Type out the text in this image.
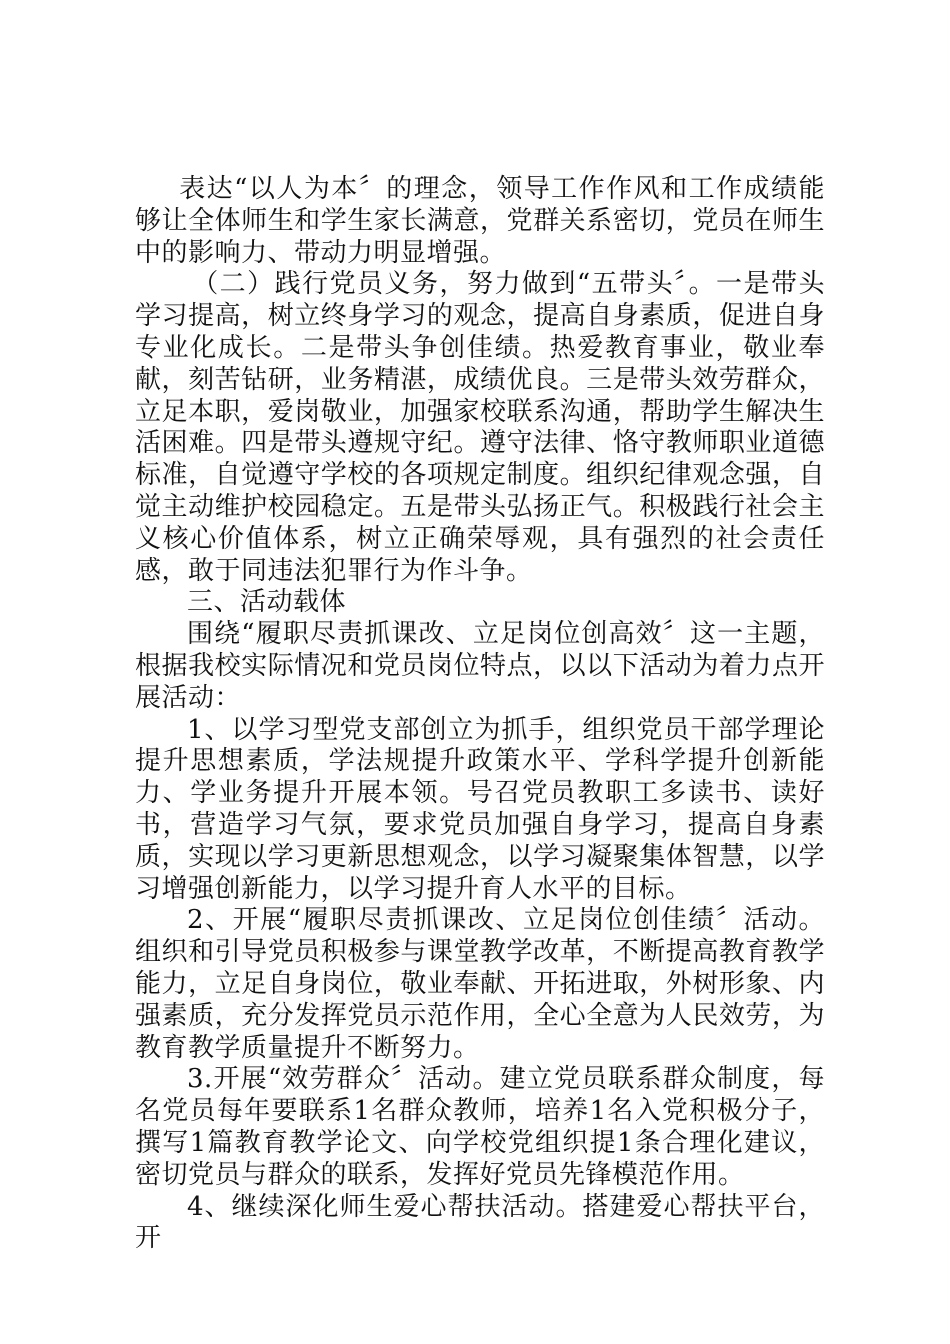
表达“以人为本〞的理念，领导工作作风和工作成绩能够让全体师生和学生家长满意，党群关系密切，党员在师生中的影响力、带动力明显增强。

（二）践行党员义务，努力做到“五带头〞。一是带头学习提高，树立终身学习的观念，提高自身素质，促进自身专业化成长。二是带头争创佳绩。热爱教育事业，敬业奉献，刻苦钻研，业务精湛，成绩优良。三是带头效劳群众，立足本职，爱岗敬业，加强家校联系沟通，帮助学生解决生活困难。四是带头遵规守纪。遵守法律、恪守教师职业道德标准，自觉遵守学校的各项规定制度。组织纪律观念强，自觉主动维护校园稳定。五是带头弘扬正气。积极践行社会主义核心价值体系，树立正确荣辱观，具有强烈的社会责任感，敢于同违法犯罪行为作斗争。

三、活动载体

围绕“履职尽责抓课改、立足岗位创高效〞这一主题，根据我校实际情况和党员岗位特点，以以下活动为着力点开展活动：

1、以学习型党支部创立为抓手，组织党员干部学理论提升思想素质，学法规提升政策水平、学科学提升创新能力、学业务提升开展本领。号召党员教职工多读书、读好书，营造学习气氛，要求党员加强自身学习，提高自身素质，实现以学习更新思想观念，以学习凝聚集体智慧，以学习增强创新能力，以学习提升育人水平的目标。

2、开展“履职尽责抓课改、立足岗位创佳绩〞活动。组织和引导党员积极参与课堂教学改革，不断提高教育教学能力，立足自身岗位，敬业奉献、开拓进取，外树形象、内强素质，充分发挥党员示范作用，全心全意为人民效劳，为教育教学质量提升不断努力。

3.开展“效劳群众〞活动。建立党员联系群众制度，每名党员每年要联系1名群众教师，培养1名入党积极分子，撰写1篇教育教学论文、向学校党组织提1条合理化建议，密切党员与群众的联系，发挥好党员先锋模范作用。

4、继续深化师生爱心帮扶活动。搭建爱心帮扶平台，开
